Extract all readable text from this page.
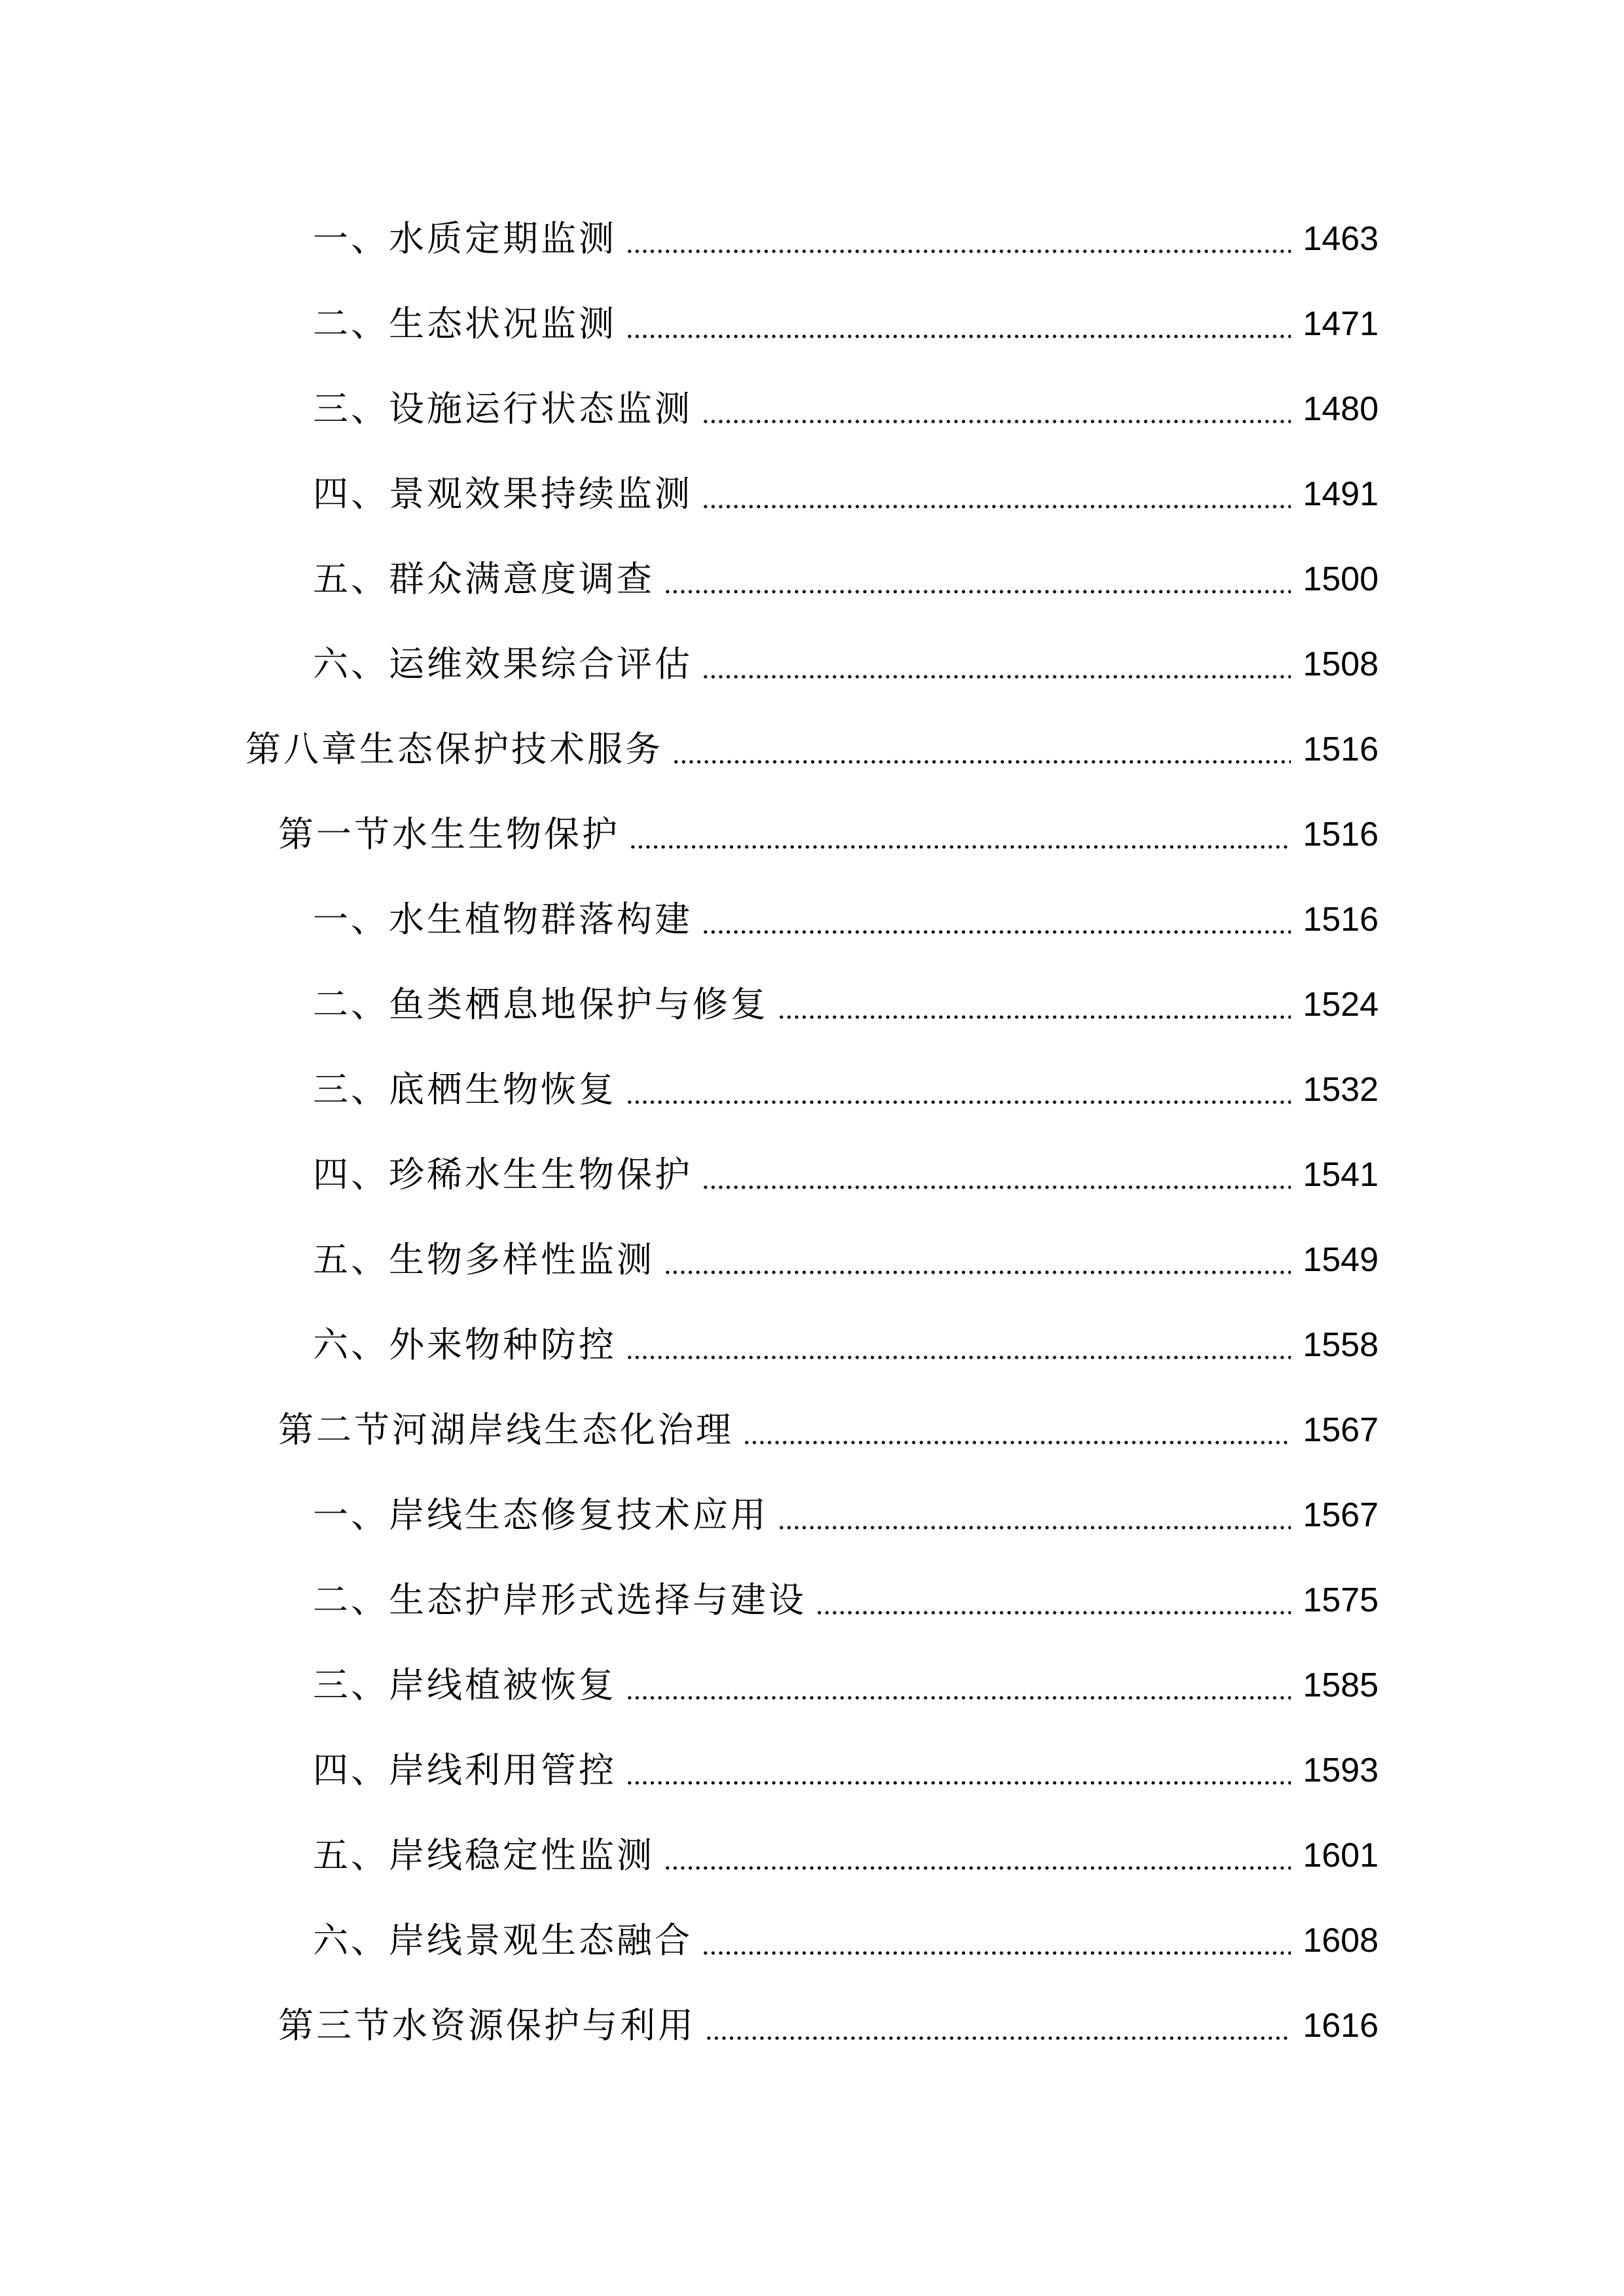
一、水质定期监测	1463
二、生态状况监测	1471
三、设施运行状态监测	1480
四、景观效果持续监测	1491
五、群众满意度调查	1500
六、运维效果综合评估	1508
第八章生态保护技术服务	1516
第一节水生生物保护	1516
一、水生植物群落构建	1516
二、鱼类栖息地保护与修复	1524
三、底栖生物恢复	1532
四、珍稀水生生物保护	1541
五、生物多样性监测	1549
六、外来物种防控	1558
第二节河湖岸线生态化治理	1567
一、岸线生态修复技术应用	1567
二、生态护岸形式选择与建设	1575
三、岸线植被恢复	1585
四、岸线利用管控	1593
五、岸线稳定性监测	1601
六、岸线景观生态融合	1608
第三节水资源保护与利用	1616
